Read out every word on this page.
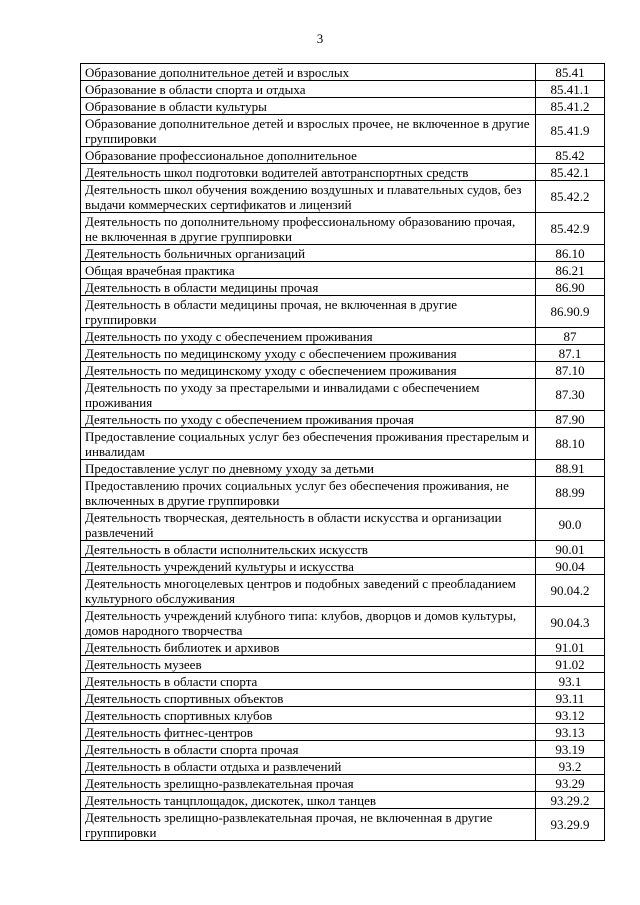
3
Образование дополнительное детей и взрослых	85.41
Образование в области спорта и отдыха	85.41.1
Образование в области культуры	85.41.2
Образование дополнительное детей и взрослых прочее, не включенное в другие группировки	85.41.9
Образование профессиональное дополнительное	85.42
Деятельность школ подготовки водителей автотранспортных средств	85.42.1
Деятельность школ обучения вождению воздушных и плавательных судов, без выдачи коммерческих сертификатов и лицензий	85.42.2
Деятельность по дополнительному профессиональному образованию прочая, не включенная в другие группировки	85.42.9
Деятельность больничных организаций	86.10
Общая врачебная практика	86.21
Деятельность в области медицины прочая	86.90
Деятельность в области медицины прочая, не включенная в другие группировки	86.90.9
Деятельность по уходу с обеспечением проживания	87
Деятельность по медицинскому уходу с обеспечением проживания	87.1
Деятельность по медицинскому уходу с обеспечением проживания	87.10
Деятельность по уходу за престарелыми и инвалидами с обеспечением проживания	87.30
Деятельность по уходу с обеспечением проживания прочая	87.90
Предоставление социальных услуг без обеспечения проживания престарелым и инвалидам	88.10
Предоставление услуг по дневному уходу за детьми	88.91
Предоставлению прочих социальных услуг без обеспечения проживания, не включенных в другие группировки	88.99
Деятельность творческая, деятельность в области искусства и организации развлечений	90.0
Деятельность в области исполнительских искусств	90.01
Деятельность учреждений культуры и искусства	90.04
Деятельность многоцелевых центров и подобных заведений с преобладанием культурного обслуживания	90.04.2
Деятельность учреждений клубного типа: клубов, дворцов и домов культуры, домов народного творчества	90.04.3
Деятельность библиотек и архивов	91.01
Деятельность музеев	91.02
Деятельность в области спорта	93.1
Деятельность спортивных объектов	93.11
Деятельность спортивных клубов	93.12
Деятельность фитнес-центров	93.13
Деятельность в области спорта прочая	93.19
Деятельность в области отдыха и развлечений	93.2
Деятельность зрелищно-развлекательная прочая	93.29
Деятельность танцплощадок, дискотек, школ танцев	93.29.2
Деятельность зрелищно-развлекательная прочая, не включенная в другие группировки	93.29.9
